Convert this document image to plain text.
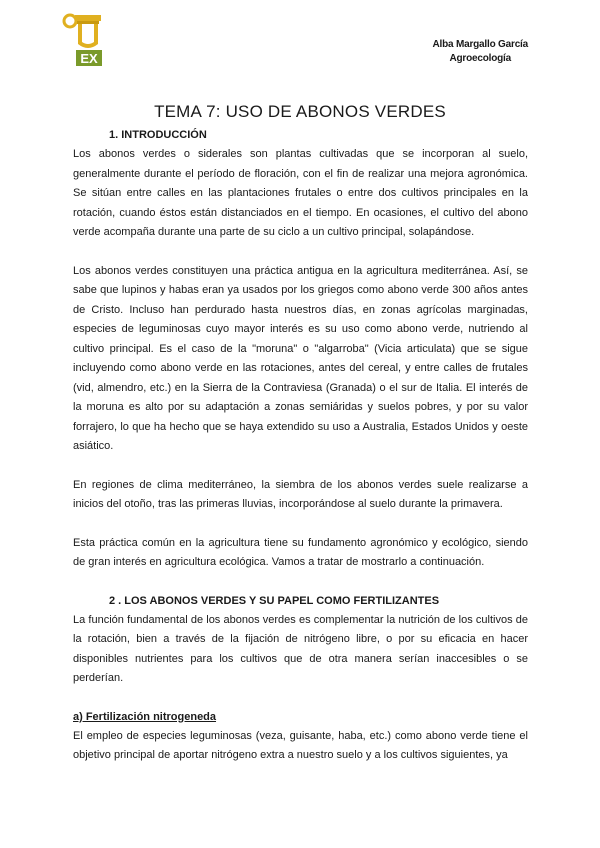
EX
Alba Margallo García
Agroecología
TEMA 7: USO DE ABONOS VERDES

1. INTRODUCCIÓN

Los abonos verdes o siderales son plantas cultivadas que se incorporan al suelo, generalmente durante el período de floración, con el fin de realizar una mejora agronómica. Se sitúan entre calles en las plantaciones frutales o entre dos cultivos principales en la rotación, cuando éstos están distanciados en el tiempo. En ocasiones, el cultivo del abono verde acompaña durante una parte de su ciclo a un cultivo principal, solapándose.

Los abonos verdes constituyen una práctica antigua en la agricultura mediterránea. Así, se sabe que lupinos y habas eran ya usados por los griegos como abono verde 300 años antes de Cristo. Incluso han perdurado hasta nuestros días, en zonas agrícolas marginadas, especies de leguminosas cuyo mayor interés es su uso como abono verde, nutriendo al cultivo principal. Es el caso de la "moruna" o "algarroba" (Vicia articulata) que se sigue incluyendo como abono verde en las rotaciones, antes del cereal, y entre calles de frutales (vid, almendro, etc.) en la Sierra de la Contraviesa (Granada) o el sur de Italia. El interés de la moruna es alto por su adaptación a zonas semiáridas y suelos pobres, y por su valor forrajero, lo que ha hecho que se haya extendido su uso a Australia, Estados Unidos y oeste asiático.

En regiones de clima mediterráneo, la siembra de los abonos verdes suele realizarse a inicios del otoño, tras las primeras lluvias, incorporándose al suelo durante la primavera.

Esta práctica común en la agricultura tiene su fundamento agronómico y ecológico, siendo de gran interés en agricultura ecológica. Vamos a tratar de mostrarlo a continuación.

2 . LOS ABONOS VERDES Y SU PAPEL COMO FERTILIZANTES

La función fundamental de los abonos verdes es complementar la nutrición de los cultivos de la rotación, bien a través de la fijación de nitrógeno libre, o por su eficacia en hacer disponibles nutrientes para los cultivos que de otra manera serían inaccesibles o se perderían.

a) Fertilización nitrogeneda

El empleo de especies leguminosas (veza, guisante, haba, etc.) como abono verde tiene el objetivo principal de aportar nitrógeno extra a nuestro suelo y a los cultivos siguientes, ya
